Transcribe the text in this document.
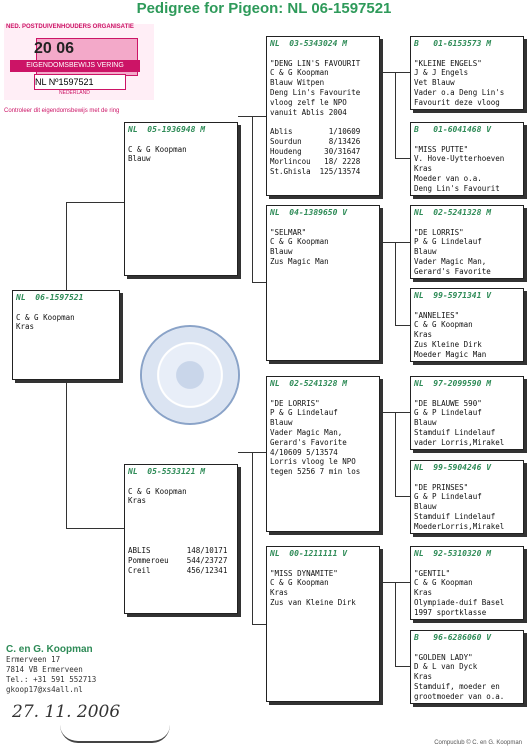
Pedigree for Pigeon: NL 06-1597521
NED. POSTDUIVENHOUDERS ORGANISATIE
20 06
EIGENDOMSBEWIJS VERING
NL Nº1597521
NEDERLAND
Controleer dit eigendomsbewijs met de ring
NL  06-1597521

C & G Koopman
Kras
NL  05-1936948 M

C & G Koopman
Blauw
NL  05-5533121 M

C & G Koopman
Kras
ABLIS        148/10171
Pommeroeu    544/23727
Creil        456/12341
NL  03-5343024 M

"DENG LIN'S FAVOURIT
C & G Koopman
Blauw Witpen
Deng Lin's Favourite
vloog zelf le NPO
vanuit Ablis 2004
Ablis        1/10609
Sourdun      8/13426
Houdeng     30/31647
Morlincou   18/ 2228
St.Ghisla  125/13574
NL  04-1389650 V

"SELMAR"
C & G Koopman
Blauw
Zus Magic Man
NL  02-5241328 M

"DE LORRIS"
P & G Lindelauf
Blauw
Vader Magic Man,
Gerard's Favorite
4/10609 5/13574
Lorris vloog le NPO
tegen 5256 7 min los
NL  00-1211111 V

"MISS DYNAMITE"
C & G Koopman
Kras
Zus van Kleine Dirk
B   01-6153573 M

"KLEINE ENGELS"
J & J Engels
Vet Blauw
Vader o.a Deng Lin's
Favourit deze vloog
B   01-6041468 V

"MISS PUTTE"
V. Hove-Uytterhoeven
Kras
Moeder van o.a.
Deng Lin's Favourit
NL  02-5241328 M

"DE LORRIS"
P & G Lindelauf
Blauw
Vader Magic Man,
Gerard's Favorite
NL  99-5971341 V

"ANNELIES"
C & G Koopman
Kras
Zus Kleine Dirk
Moeder Magic Man
NL  97-2099590 M

"DE BLAUWE 590"
G & P Lindelauf
Blauw
Stamduif Lindelauf
vader Lorris,Mirakel
NL  99-5904246 V

"DE PRINSES"
G & P Lindelauf
Blauw
Stamduif Lindelauf
MoederLorris,Mirakel
NL  92-5310320 M

"GENTIL"
C & G Koopman
Kras
Olympiade-duif Basel
1997 sportklasse
B   96-6286060 V

"GOLDEN LADY"
D & L van Dyck
Kras
Stamduif, moeder en
grootmoeder van o.a.
C. en G. Koopman
Ermerveen 17
7814 VB Ermerveen
Tel.: +31 591 552713
gkoop17@xs4all.nl
27. 11. 2006
Compuclub © C. en G. Koopman
